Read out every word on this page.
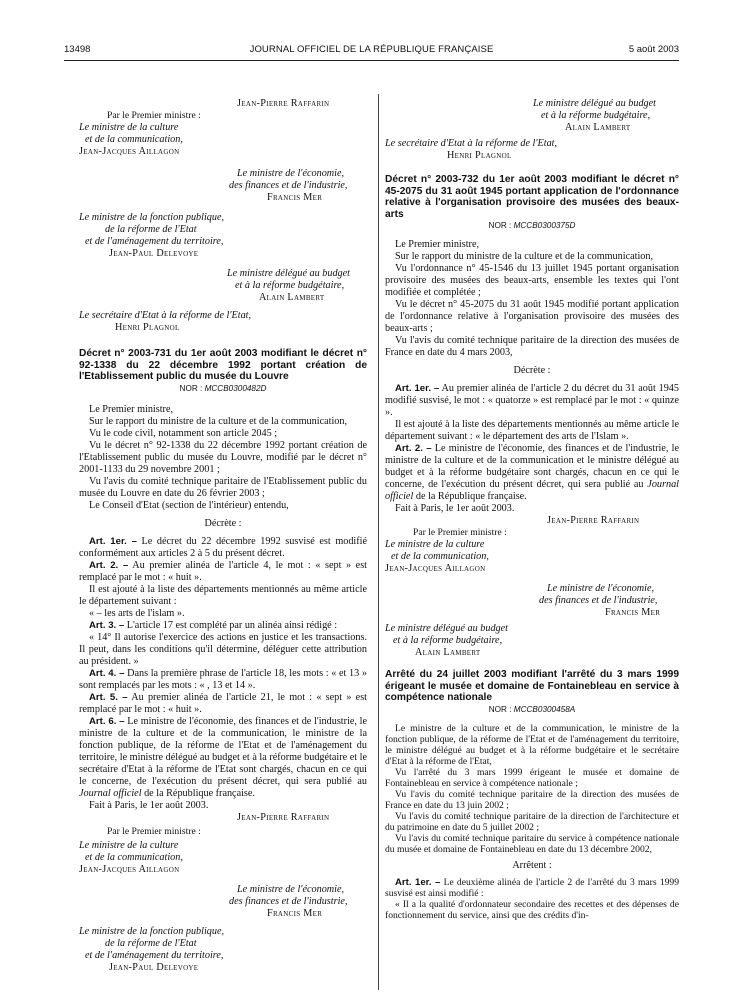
13498	JOURNAL OFFICIEL DE LA RÉPUBLIQUE FRANÇAISE	5 août 2003

Jean-Pierre Raffarin

Par le Premier ministre :

Le ministre de la culture

et de la communication,

Jean-Jacques Aillagon

Le ministre de l'économie,

des finances et de l'industrie,

Francis Mer

Le ministre de la fonction publique,

de la réforme de l'Etat

et de l'aménagement du territoire,

Jean-Paul Delevoye

Le ministre délégué au budget

et à la réforme budgétaire,

Alain Lambert

Le secrétaire d'Etat à la réforme de l'Etat,

Henri Plagnol

Décret n° 2003-731 du 1er août 2003 modifiant le décret n° 92-1338 du 22 décembre 1992 portant création de l'Etablissement public du musée du Louvre

NOR : MCCB0300482D

Le Premier ministre,

Sur le rapport du ministre de la culture et de la communication,

Vu le code civil, notamment son article 2045 ;

Vu le décret n° 92-1338 du 22 décembre 1992 portant création de l'Etablissement public du musée du Louvre, modifié par le décret n° 2001-1133 du 29 novembre 2001 ;

Vu l'avis du comité technique paritaire de l'Etablissement public du musée du Louvre en date du 26 février 2003 ;

Le Conseil d'Etat (section de l'intérieur) entendu,

Décrète :

Art. 1er. – Le décret du 22 décembre 1992 susvisé est modifié conformément aux articles 2 à 5 du présent décret.

Art. 2. – Au premier alinéa de l'article 4, le mot : « sept » est remplacé par le mot : « huit ».

Il est ajouté à la liste des départements mentionnés au même article le département suivant :

« – les arts de l'islam ».

Art. 3. – L'article 17 est complété par un alinéa ainsi rédigé :

« 14° Il autorise l'exercice des actions en justice et les transactions. Il peut, dans les conditions qu'il détermine, déléguer cette attribution au président. »

Art. 4. – Dans la première phrase de l'article 18, les mots : « et 13 » sont remplacés par les mots : « , 13 et 14 ».

Art. 5. – Au premier alinéa de l'article 21, le mot : « sept » est remplacé par le mot : « huit ».

Art. 6. – Le ministre de l'économie, des finances et de l'industrie, le ministre de la culture et de la communication, le ministre de la fonction publique, de la réforme de l'Etat et de l'aménagement du territoire, le ministre délégué au budget et à la réforme budgétaire et le secrétaire d'Etat à la réforme de l'Etat sont chargés, chacun en ce qui le concerne, de l'exécution du présent décret, qui sera publié au Journal officiel de la République française.

Fait à Paris, le 1er août 2003.

Jean-Pierre Raffarin

Par le Premier ministre :

Le ministre de la culture

et de la communication,

Jean-Jacques Aillagon

Le ministre de l'économie,

des finances et de l'industrie,

Francis Mer

Le ministre de la fonction publique,

de la réforme de l'Etat

et de l'aménagement du territoire,

Jean-Paul Delevoye

Le ministre délégué au budget

et à la réforme budgétaire,

Alain Lambert

Le secrétaire d'Etat à la réforme de l'Etat,

Henri Plagnol

Décret n° 2003-732 du 1er août 2003 modifiant le décret n° 45-2075 du 31 août 1945 portant application de l'ordonnance relative à l'organisation provisoire des musées des beaux-arts

NOR : MCCB0300375D

Le Premier ministre,

Sur le rapport du ministre de la culture et de la communication,

Vu l'ordonnance n° 45-1546 du 13 juillet 1945 portant organisation provisoire des musées des beaux-arts, ensemble les textes qui l'ont modifiée et complétée ;

Vu le décret n° 45-2075 du 31 août 1945 modifié portant application de l'ordonnance relative à l'organisation provisoire des musées des beaux-arts ;

Vu l'avis du comité technique paritaire de la direction des musées de France en date du 4 mars 2003,

Décrète :

Art. 1er. – Au premier alinéa de l'article 2 du décret du 31 août 1945 modifié susvisé, le mot : « quatorze » est remplacé par le mot : « quinze ».

Il est ajouté à la liste des départements mentionnés au même article le département suivant : « le département des arts de l'Islam ».

Art. 2. – Le ministre de l'économie, des finances et de l'industrie, le ministre de la culture et de la communication et le ministre délégué au budget et à la réforme budgétaire sont chargés, chacun en ce qui le concerne, de l'exécution du présent décret, qui sera publié au Journal officiel de la République française.

Fait à Paris, le 1er août 2003.

Jean-Pierre Raffarin

Par le Premier ministre :

Le ministre de la culture

et de la communication,

Jean-Jacques Aillagon

Le ministre de l'économie,

des finances et de l'industrie,

Francis Mer

Le ministre délégué au budget

et à la réforme budgétaire,

Alain Lambert

Arrêté du 24 juillet 2003 modifiant l'arrêté du 3 mars 1999 érigeant le musée et domaine de Fontainebleau en service à compétence nationale

NOR : MCCB0300458A

Le ministre de la culture et de la communication, le ministre de la fonction publique, de la réforme de l'Etat et de l'aménagement du territoire, le ministre délégué au budget et à la réforme budgétaire et le secrétaire d'Etat à la réforme de l'Etat,

Vu l'arrêté du 3 mars 1999 érigeant le musée et domaine de Fontainebleau en service à compétence nationale ;

Vu l'avis du comité technique paritaire de la direction des musées de France en date du 13 juin 2002 ;

Vu l'avis du comité technique paritaire de la direction de l'architecture et du patrimoine en date du 5 juillet 2002 ;

Vu l'avis du comité technique paritaire du service à compétence nationale du musée et domaine de Fontainebleau en date du 13 décembre 2002,

Arrêtent :

Art. 1er. – Le deuxième alinéa de l'article 2 de l'arrêté du 3 mars 1999 susvisé est ainsi modifié :

« Il a la qualité d'ordonnateur secondaire des recettes et des dépenses de fonctionnement du service, ainsi que des crédits d'in-
